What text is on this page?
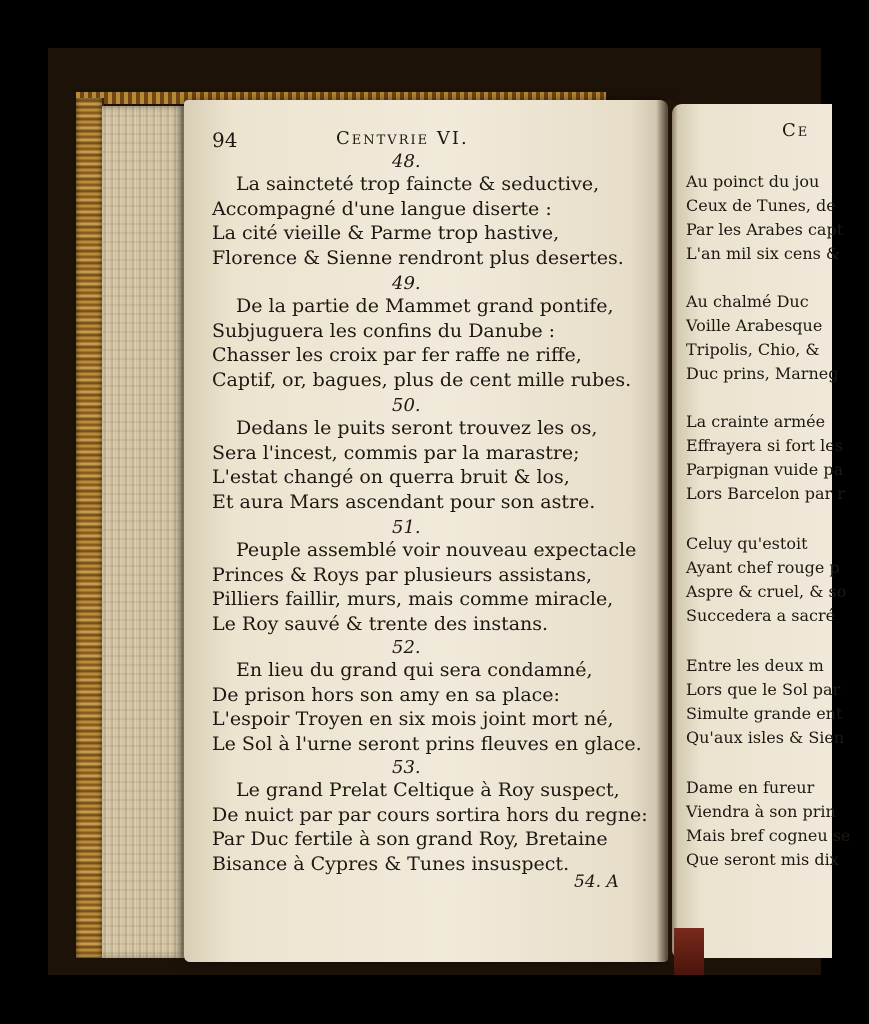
94	Centvrie VI.
48.
La saincteté trop faincte & seductive,
Accompagné d'une langue diserte :
La cité vieille & Parme trop hastive,
Florence & Sienne rendront plus desertes.
49.
De la partie de Mammet grand pontife,
Subjuguera les confins du Danube :
Chasser les croix par fer raffe ne riffe,
Captif, or, bagues, plus de cent mille rubes.
50.
Dedans le puits seront trouvez les os,
Sera l'incest, commis par la marastre;
L'estat changé on querra bruit & los,
Et aura Mars ascendant pour son astre.
51.
Peuple assemblé voir nouveau expectacle
Princes & Roys par plusieurs assistans,
Pilliers faillir, murs, mais comme miracle,
Le Roy sauvé & trente des instans.
52.
En lieu du grand qui sera condamné,
De prison hors son amy en sa place:
L'espoir Troyen en six mois joint mort né,
Le Sol à l'urne seront prins fleuves en glace.
53.
Le grand Prelat Celtique à Roy suspect,
De nuict par par cours sortira hors du regne:
Par Duc fertile à son grand Roy, Bretaine
Bisance à Cypres & Tunes insuspect.
54. A
Ce
Au poinct du jou
Ceux de Tunes, de
Par les Arabes capt
L'an mil six cens &
Au chalmé Duc
Voille Arabesque
Tripolis, Chio, &
Duc prins, Marneg
La crainte armée
Effrayera si fort les
Parpignan vuide pa
Lors Barcelon par r
Celuy qu'estoit
Ayant chef rouge p
Aspre & cruel, & so
Succedera a sacré
Entre les deux m
Lors que le Sol par
Simulte grande ent
Qu'aux isles & Sien
Dame en fureur
Viendra à son prin
Mais bref cogneu se
Que seront mis dix
